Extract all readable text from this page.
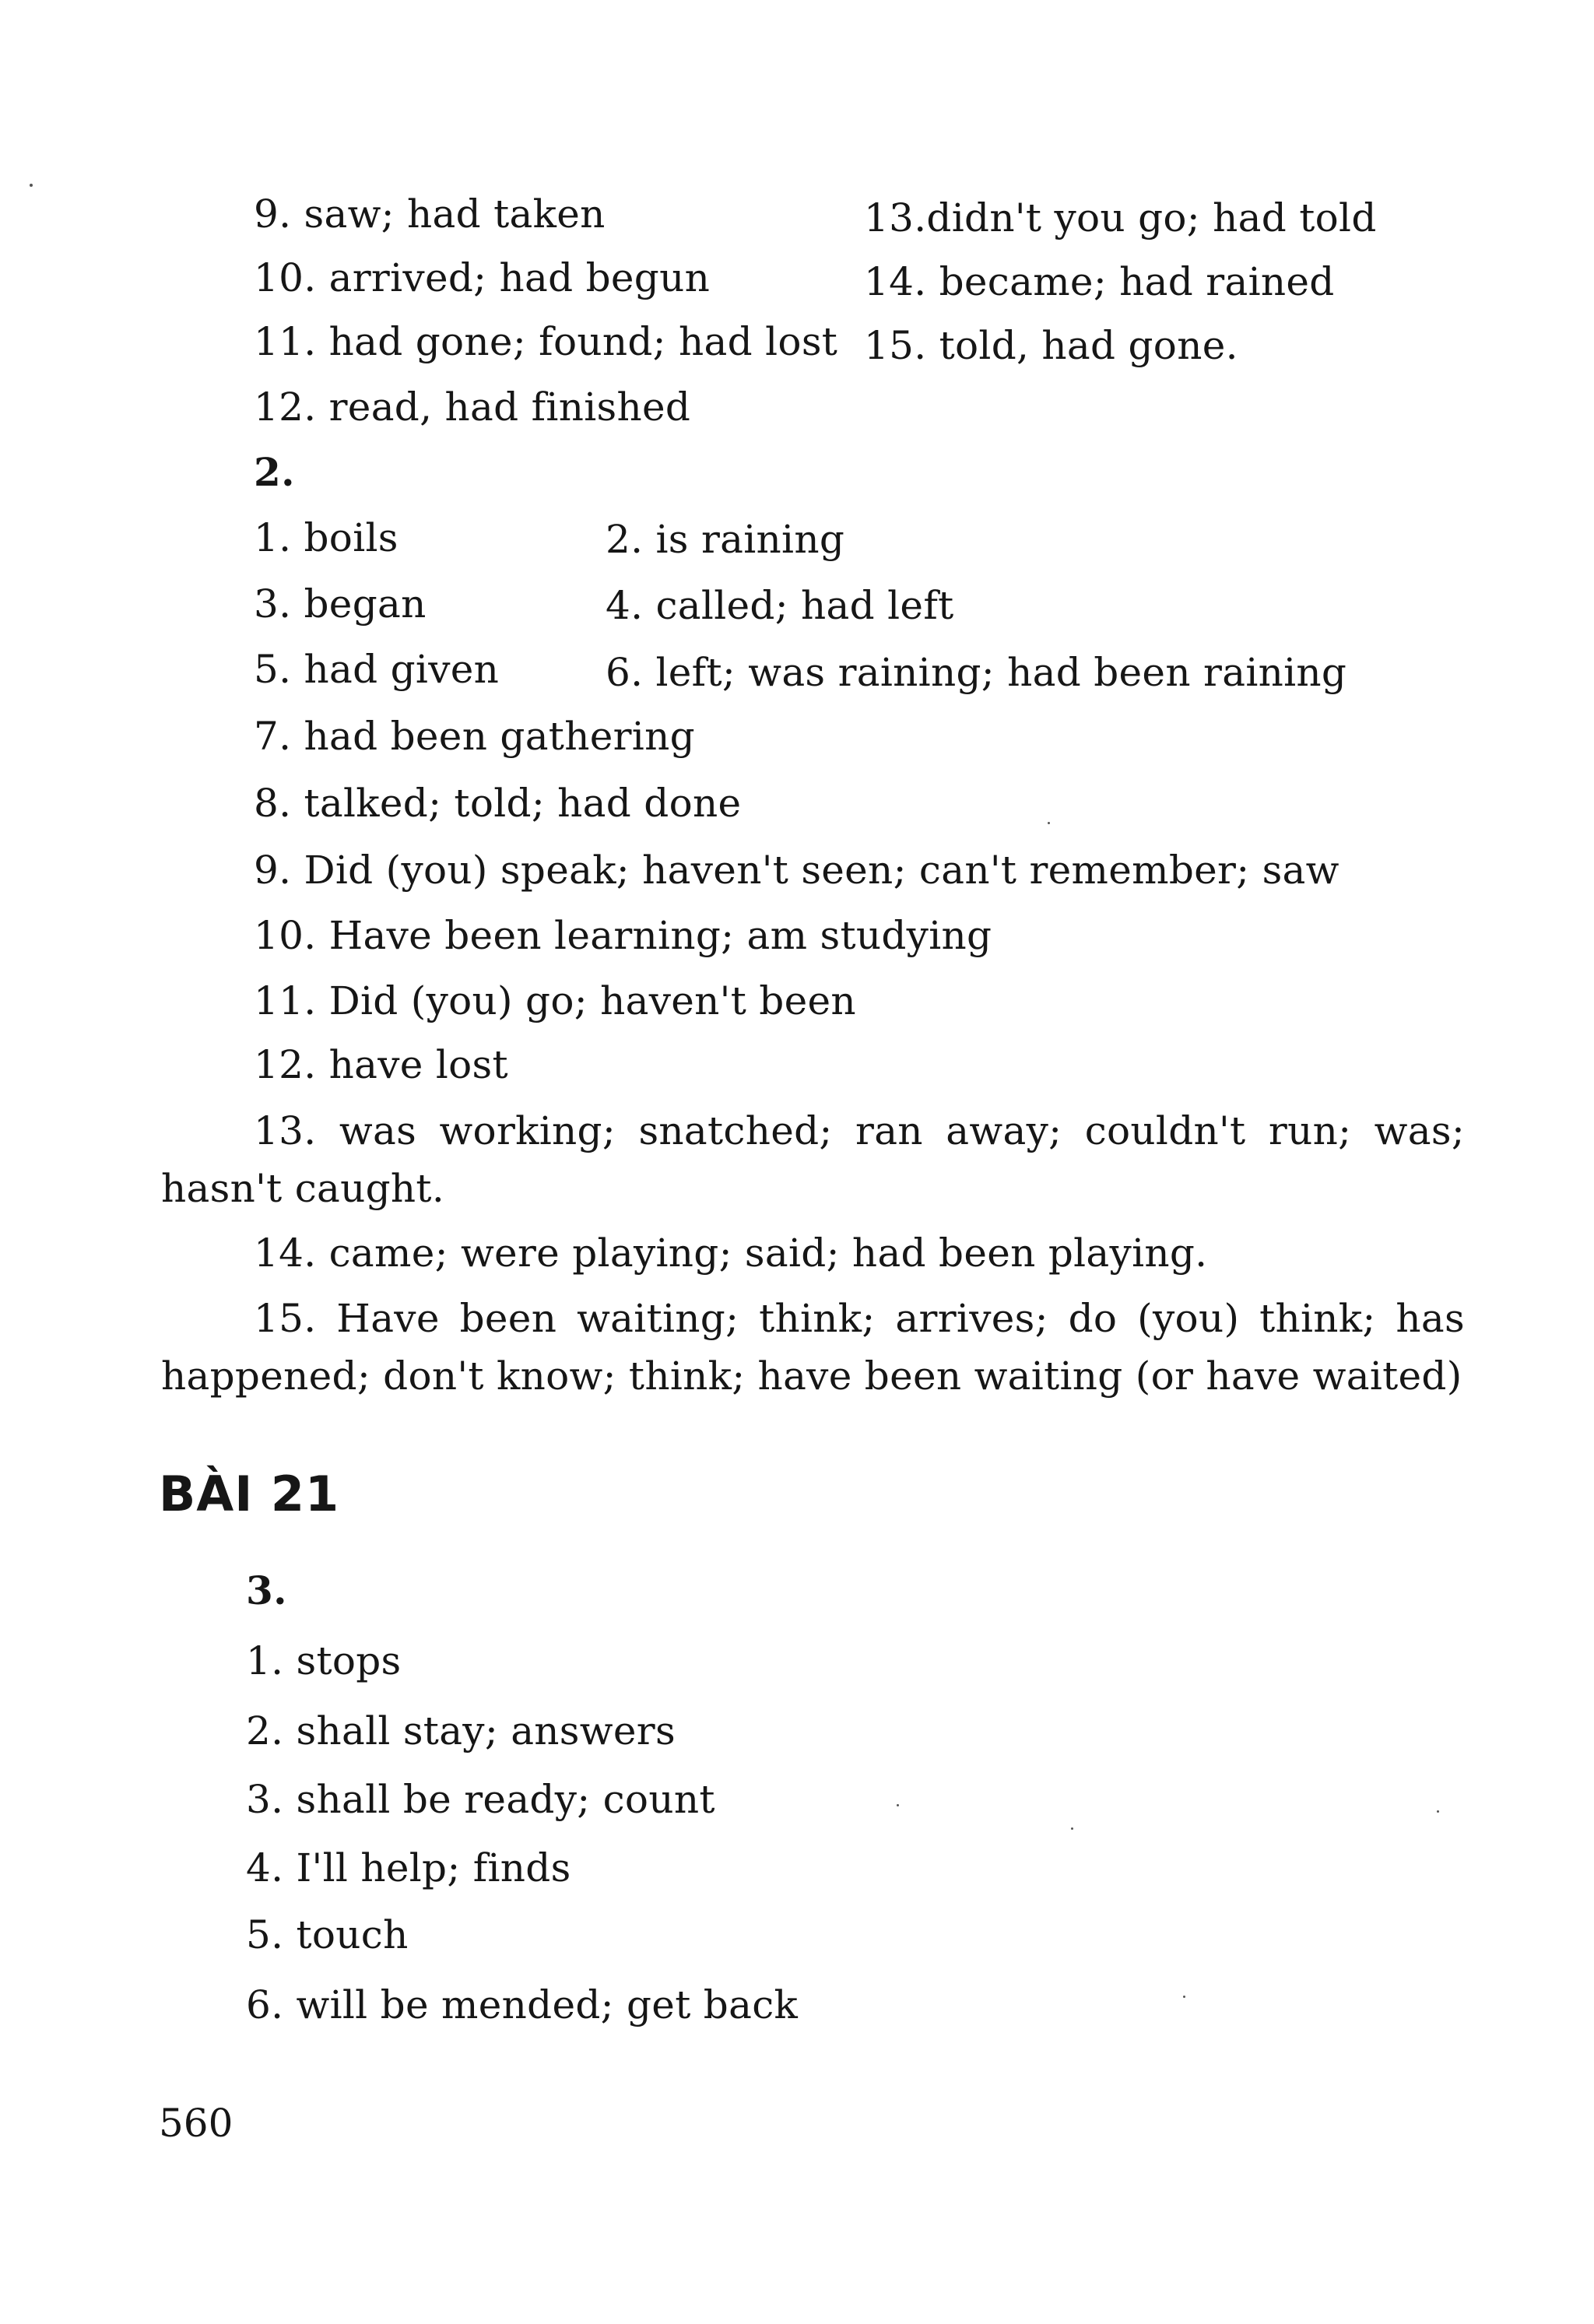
9. saw; had taken
10. arrived; had begun
11. had gone; found; had lost
12. read, had finished
13.didn't you go; had told
14. became; had rained
15. told, had gone.
2.
1. boils	2. is raining
3. began	4. called; had left
5. had given	6. left; was raining; had been raining
7. had been gathering
8. talked; told; had done
9. Did (you) speak; haven't seen; can't remember; saw
10. Have been learning; am studying
11. Did (you) go; haven't been
12. have lost
13. was working; snatched; ran away; couldn't run; was;
hasn't caught.
14. came; were playing; said; had been playing.
15. Have been waiting; think; arrives; do (you) think; has
happened; don't know; think; have been waiting (or have waited)
BÀI 21
3.
1. stops
2. shall stay; answers
3. shall be ready; count
4. I'll help; finds
5. touch
6. will be mended; get back
560
